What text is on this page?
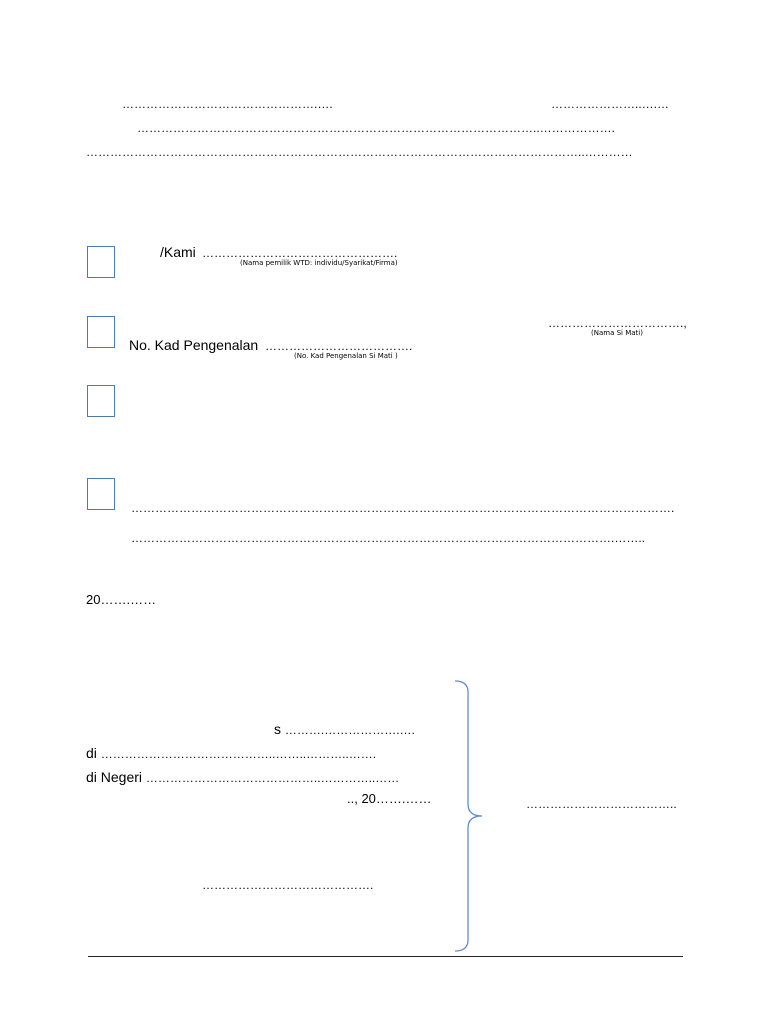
………………………………………….….	…………………..….…
………………………………………………………………………………………..……………….
……………………………………………………………………………………………………………..…………
/Kami ………………………………………….
(Nama pemilik WTD: individu/Syarikat/Firma)
…………………………….,
(Nama Si Mati)
No. Kad Pengenalan ……………………………….
(No. Kad Pengenalan Si Mati )
……………………………………………………………………………………………………………………….
………………………………………………………………………………………………………….……..
20…….……
s ……….……………….….
di ……………………………………..……..………..…….
di Negeri ……………………………………..…………..……
.., 20…….……	………………………………..
…………………………………….
